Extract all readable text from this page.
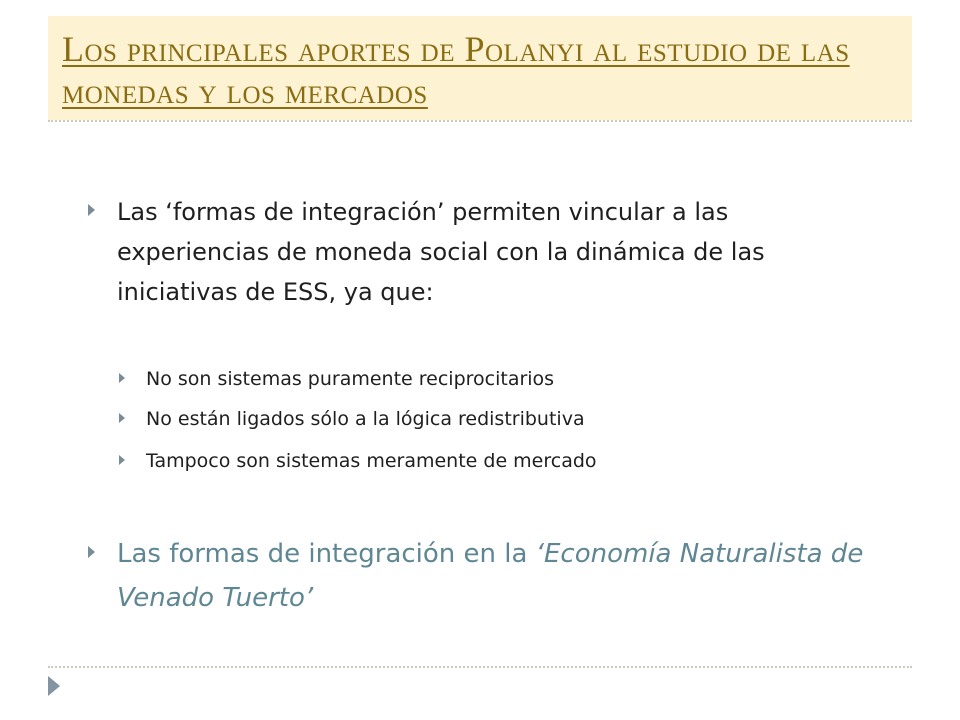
Los principales aportes de Polanyi al estudio de las monedas y los mercados
Las ‘formas de integración’ permiten vincular a las experiencias de moneda social con la dinámica de las iniciativas de ESS, ya que:
No son sistemas puramente reciprocitarios
No están ligados sólo a la lógica redistributiva
Tampoco son sistemas meramente de mercado
Las formas de integración en la ‘Economía Naturalista de Venado Tuerto’
